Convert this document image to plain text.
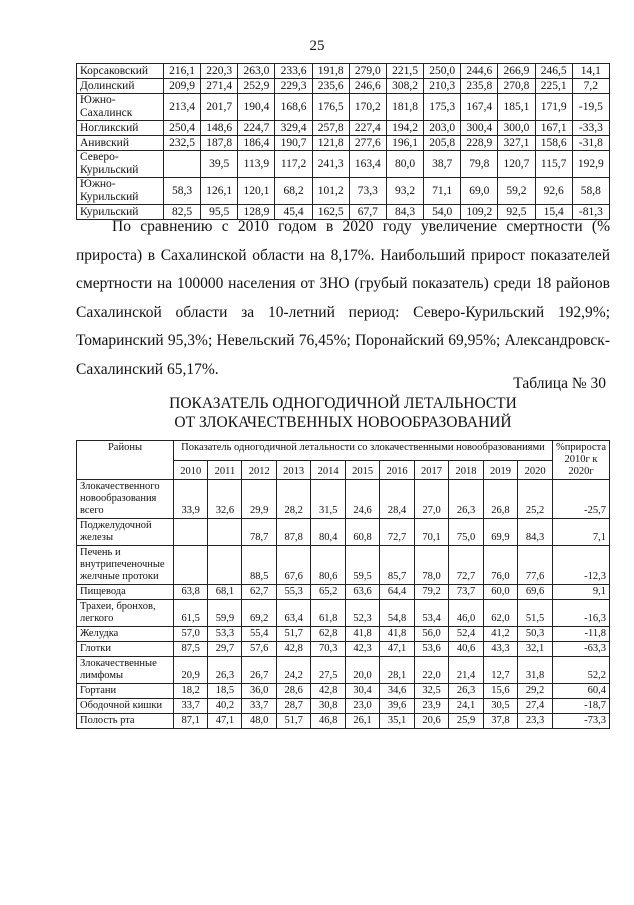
25
Корсаковский	216,1	220,3	263,0	233,6	191,8	279,0	221,5	250,0	244,6	266,9	246,5	14,1
Долинский	209,9	271,4	252,9	229,3	235,6	246,6	308,2	210,3	235,8	270,8	225,1	7,2
Южно-Сахалинск	213,4	201,7	190,4	168,6	176,5	170,2	181,8	175,3	167,4	185,1	171,9	-19,5
Ногликский	250,4	148,6	224,7	329,4	257,8	227,4	194,2	203,0	300,4	300,0	167,1	-33,3
Анивский	232,5	187,8	186,4	190,7	121,8	277,6	196,1	205,8	228,9	327,1	158,6	-31,8
Северо-Курильский		39,5	113,9	117,2	241,3	163,4	80,0	38,7	79,8	120,7	115,7	192,9
Южно-Курильский	58,3	126,1	120,1	68,2	101,2	73,3	93,2	71,1	69,0	59,2	92,6	58,8
Курильский	82,5	95,5	128,9	45,4	162,5	67,7	84,3	54,0	109,2	92,5	15,4	-81,3

По сравнению с 2010 годом в 2020 году увеличение смертности (% прироста) в Сахалинской области на 8,17%. Наибольший прирост показателей смертности на 100000 населения от ЗНО (грубый показатель) среди 18 районов Сахалинской области за 10-летний период: Северо-Курильский 192,9%; Томаринский 95,3%; Невельский 76,45%; Поронайский 69,95%; Александровск-Сахалинский 65,17%.

Таблица № 30
ПОКАЗАТЕЛЬ ОДНОГОДИЧНОЙ ЛЕТАЛЬНОСТИ
ОТ ЗЛОКАЧЕСТВЕННЫХ НОВООБРАЗОВАНИЙ
Районы	Показатель одногодичной летальности со злокачественными новообразованиями											%прироста 2010г к 2020г
	2010	2011	2012	2013	2014	2015	2016	2017	2018	2019	2020	
Злокачественного новообразования всего	33,9	32,6	29,9	28,2	31,5	24,6	28,4	27,0	26,3	26,8	25,2	-25,7
Поджелудочной железы			78,7	87,8	80,4	60,8	72,7	70,1	75,0	69,9	84,3	7,1
Печень и внутрипеченочные желчные протоки			88,5	67,6	80,6	59,5	85,7	78,0	72,7	76,0	77,6	-12,3
Пищевода	63,8	68,1	62,7	55,3	65,2	63,6	64,4	79,2	73,7	60,0	69,6	9,1
Трахеи, бронхов, легкого	61,5	59,9	69,2	63,4	61,8	52,3	54,8	53,4	46,0	62,0	51,5	-16,3
Желудка	57,0	53,3	55,4	51,7	62,8	41,8	41,8	56,0	52,4	41,2	50,3	-11,8
Глотки	87,5	29,7	57,6	42,8	70,3	42,3	47,1	53,6	40,6	43,3	32,1	-63,3
Злокачественные лимфомы	20,9	26,3	26,7	24,2	27,5	20,0	28,1	22,0	21,4	12,7	31,8	52,2
Гортани	18,2	18,5	36,0	28,6	42,8	30,4	34,6	32,5	26,3	15,6	29,2	60,4
Ободочной кишки	33,7	40,2	33,7	28,7	30,8	23,0	39,6	23,9	24,1	30,5	27,4	-18,7
Полость рта	87,1	47,1	48,0	51,7	46,8	26,1	35,1	20,6	25,9	37,8	23,3	-73,3
